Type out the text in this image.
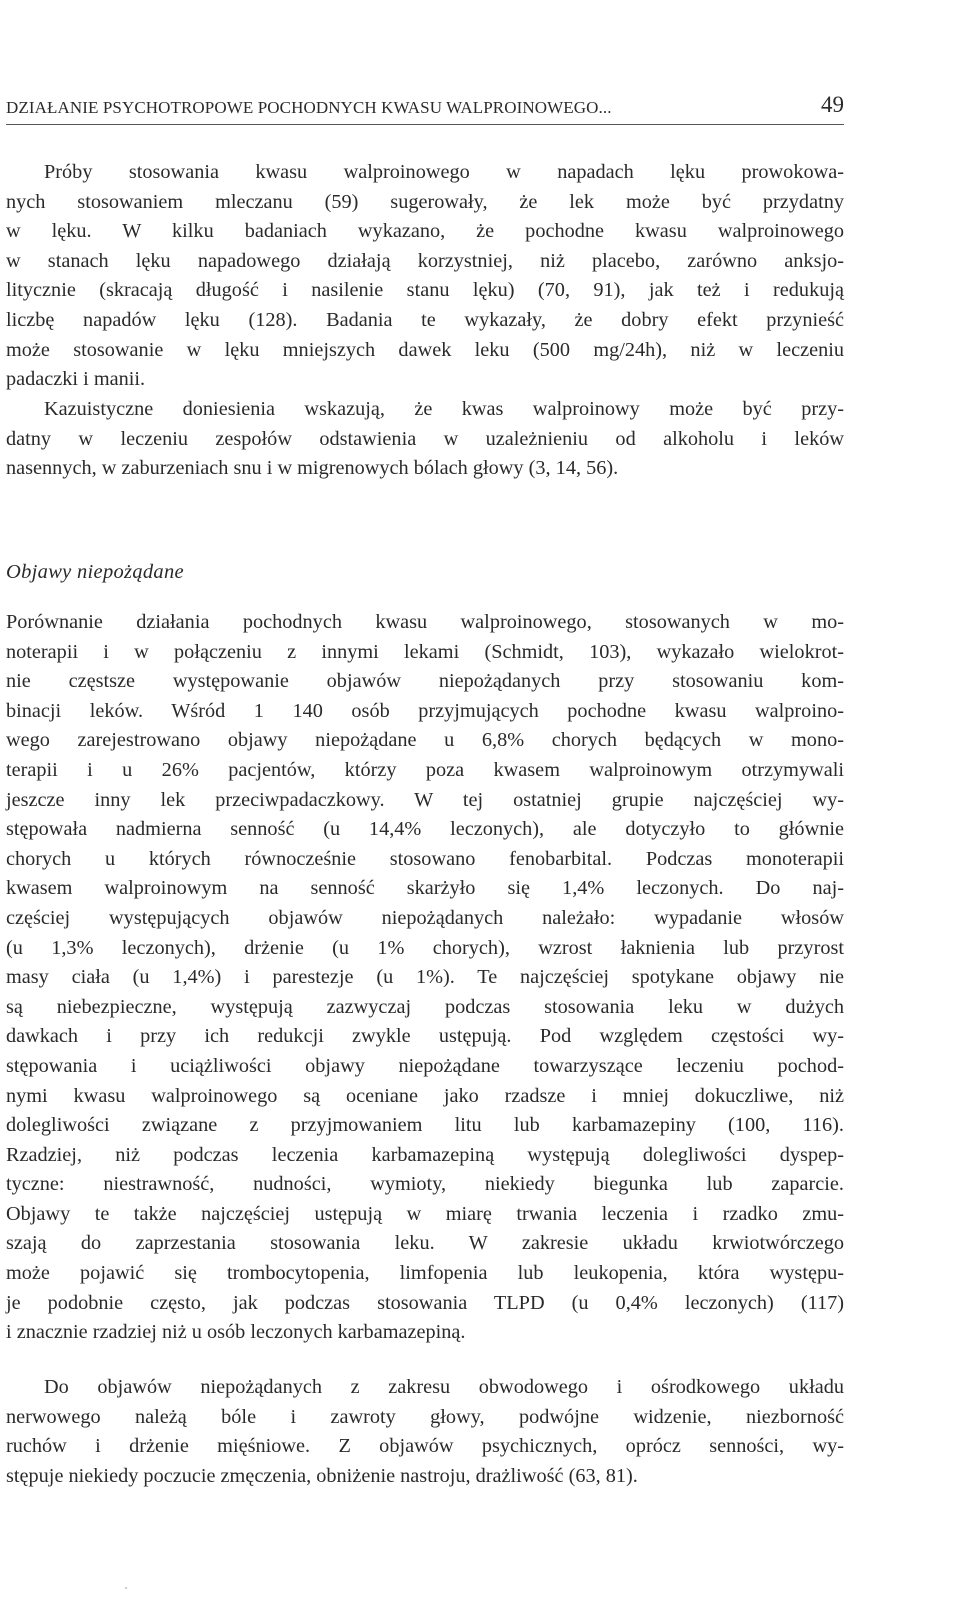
DZIAŁANIE PSYCHOTROPOWE POCHODNYCH KWASU WALPROINOWEGO...	49
Próby stosowania kwasu walproinowego w napadach lęku prowokowa-
nych stosowaniem mleczanu (59) sugerowały, że lek może być przydatny
w lęku. W kilku badaniach wykazano, że pochodne kwasu walproinowego
w stanach lęku napadowego działają korzystniej, niż placebo, zarówno anksjo-
litycznie (skracają długość i nasilenie stanu lęku) (70, 91), jak też i redukują
liczbę napadów lęku (128). Badania te wykazały, że dobry efekt przynieść
może stosowanie w lęku mniejszych dawek leku (500 mg/24h), niż w leczeniu
padaczki i manii.
Kazuistyczne doniesienia wskazują, że kwas walproinowy może być przy-
datny w leczeniu zespołów odstawienia w uzależnieniu od alkoholu i leków
nasennych, w zaburzeniach snu i w migrenowych bólach głowy (3, 14, 56).
Objawy niepożądane
Porównanie działania pochodnych kwasu walproinowego, stosowanych w mo-
noterapii i w połączeniu z innymi lekami (Schmidt, 103), wykazało wielokrot-
nie częstsze występowanie objawów niepożądanych przy stosowaniu kom-
binacji leków. Wśród 1 140 osób przyjmujących pochodne kwasu walproino-
wego zarejestrowano objawy niepożądane u 6,8% chorych będących w mono-
terapii i u 26% pacjentów, którzy poza kwasem walproinowym otrzymywali
jeszcze inny lek przeciwpadaczkowy. W tej ostatniej grupie najczęściej wy-
stępowała nadmierna senność (u 14,4% leczonych), ale dotyczyło to głównie
chorych u których równocześnie stosowano fenobarbital. Podczas monoterapii
kwasem walproinowym na senność skarżyło się 1,4% leczonych. Do naj-
częściej występujących objawów niepożądanych należało: wypadanie włosów
(u 1,3% leczonych), drżenie (u 1% chorych), wzrost łaknienia lub przyrost
masy ciała (u 1,4%) i parestezje (u 1%). Te najczęściej spotykane objawy nie
są niebezpieczne, występują zazwyczaj podczas stosowania leku w dużych
dawkach i przy ich redukcji zwykle ustępują. Pod względem częstości wy-
stępowania i uciążliwości objawy niepożądane towarzyszące leczeniu pochod-
nymi kwasu walproinowego są oceniane jako rzadsze i mniej dokuczliwe, niż
dolegliwości związane z przyjmowaniem litu lub karbamazepiny (100, 116).
Rzadziej, niż podczas leczenia karbamazepiną występują dolegliwości dyspep-
tyczne: niestrawność, nudności, wymioty, niekiedy biegunka lub zaparcie.
Objawy te także najczęściej ustępują w miarę trwania leczenia i rzadko zmu-
szają do zaprzestania stosowania leku. W zakresie układu krwiotwórczego
może pojawić się trombocytopenia, limfopenia lub leukopenia, która występu-
je podobnie często, jak podczas stosowania TLPD (u 0,4% leczonych) (117)
i znacznie rzadziej niż u osób leczonych karbamazepiną.
Do objawów niepożądanych z zakresu obwodowego i ośrodkowego układu
nerwowego należą bóle i zawroty głowy, podwójne widzenie, niezborność
ruchów i drżenie mięśniowe. Z objawów psychicznych, oprócz senności, wy-
stępuje niekiedy poczucie zmęczenia, obniżenie nastroju, drażliwość (63, 81).
